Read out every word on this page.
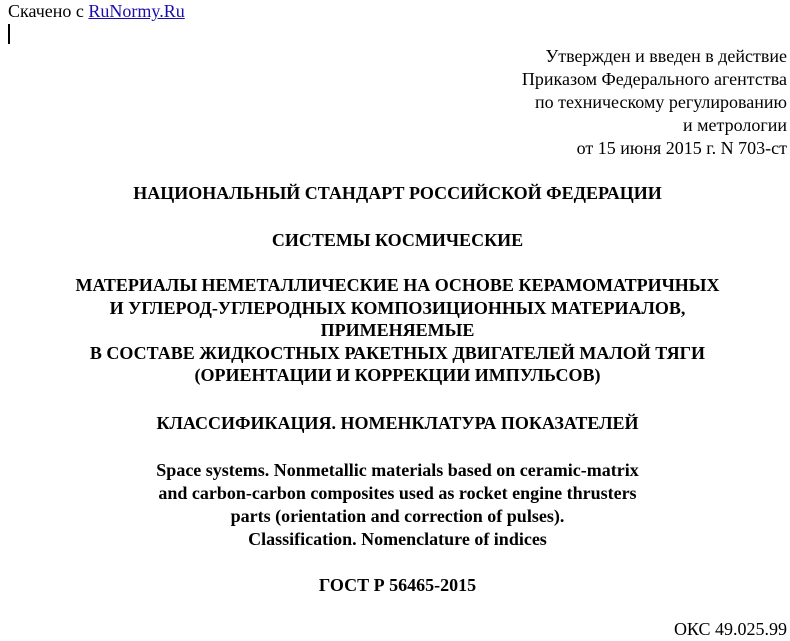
Скачено с RuNormy.Ru
Утвержден и введен в действие
Приказом Федерального агентства
по техническому регулированию
и метрологии
от 15 июня 2015 г. N 703-ст
НАЦИОНАЛЬНЫЙ СТАНДАРТ РОССИЙСКОЙ ФЕДЕРАЦИИ
СИСТЕМЫ КОСМИЧЕСКИЕ
МАТЕРИАЛЫ НЕМЕТАЛЛИЧЕСКИЕ НА ОСНОВЕ КЕРАМОМАТРИЧНЫХ
И УГЛЕРОД-УГЛЕРОДНЫХ КОМПОЗИЦИОННЫХ МАТЕРИАЛОВ,
ПРИМЕНЯЕМЫЕ
В СОСТАВЕ ЖИДКОСТНЫХ РАКЕТНЫХ ДВИГАТЕЛЕЙ МАЛОЙ ТЯГИ
(ОРИЕНТАЦИИ И КОРРЕКЦИИ ИМПУЛЬСОВ)
КЛАССИФИКАЦИЯ. НОМЕНКЛАТУРА ПОКАЗАТЕЛЕЙ
Space systems. Nonmetallic materials based on ceramic-matrix
and carbon-carbon composites used as rocket engine thrusters
parts (orientation and correction of pulses).
Classification. Nomenclature of indices
ГОСТ Р 56465-2015
ОКС 49.025.99
